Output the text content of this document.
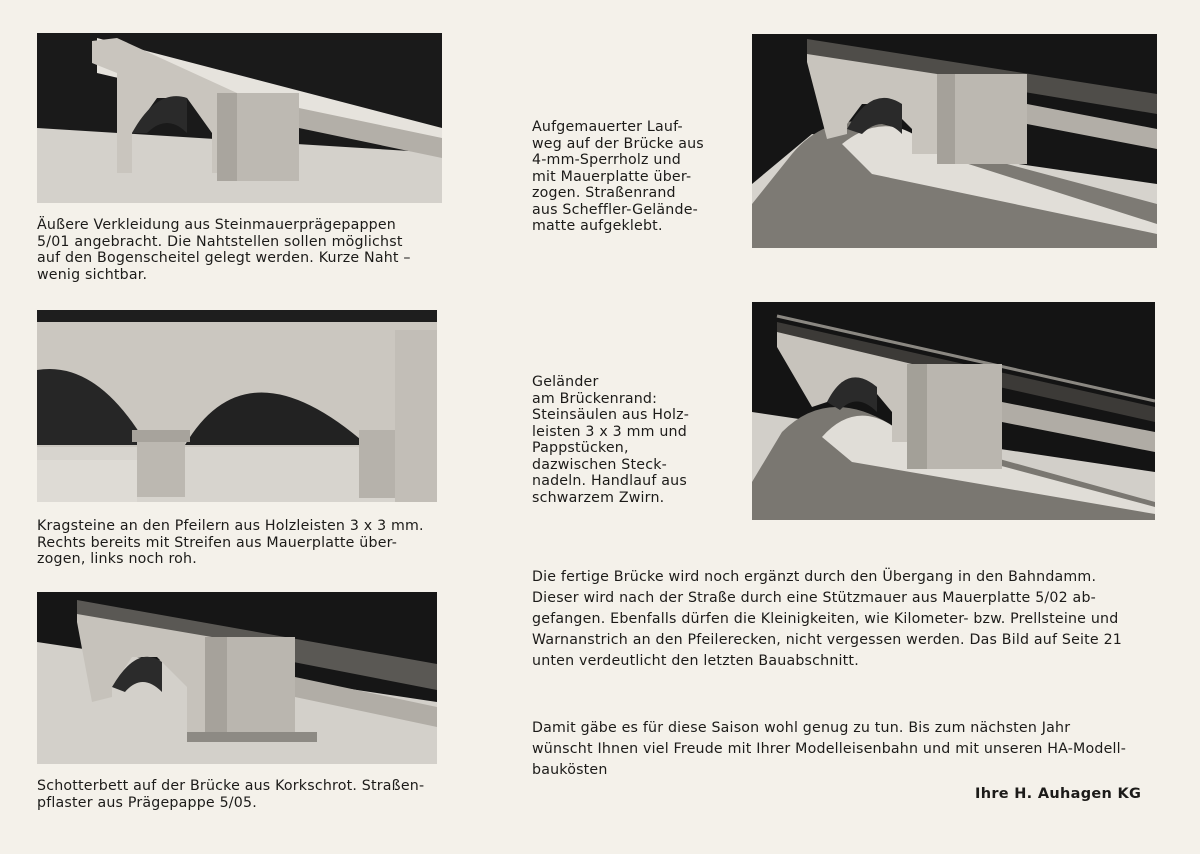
Äußere Verkleidung aus Steinmauerprägepappen
5/01 angebracht. Die Nahtstellen sollen möglichst
auf den Bogenscheitel gelegt werden. Kurze Naht –
wenig sichtbar.
Kragsteine an den Pfeilern aus Holzleisten 3 x 3 mm.
Rechts bereits mit Streifen aus Mauerplatte über-
zogen, links noch roh.
Schotterbett auf der Brücke aus Korkschrot. Straßen-
pflaster aus Prägepappe 5/05.
Aufgemauerter Lauf-
weg auf der Brücke aus
4-mm-Sperrholz und
mit Mauerplatte über-
zogen. Straßenrand
aus Scheffler-Gelände-
matte aufgeklebt.
Geländer
am Brückenrand:
Steinsäulen aus Holz-
leisten 3 x 3 mm und
Pappstücken,
dazwischen Steck-
nadeln. Handlauf aus
schwarzem Zwirn.
Die fertige Brücke wird noch ergänzt durch den Übergang in den Bahndamm.
Dieser wird nach der Straße durch eine Stützmauer aus Mauerplatte 5/02 ab-
gefangen. Ebenfalls dürfen die Kleinigkeiten, wie Kilometer- bzw. Prellsteine und
Warnanstrich an den Pfeilerecken, nicht vergessen werden. Das Bild auf Seite 21
unten verdeutlicht den letzten Bauabschnitt.
Damit gäbe es für diese Saison wohl genug zu tun. Bis zum nächsten Jahr
wünscht Ihnen viel Freude mit Ihrer Modelleisenbahn und mit unseren HA-Modell-
baukösten
Ihre H. Auhagen KG
